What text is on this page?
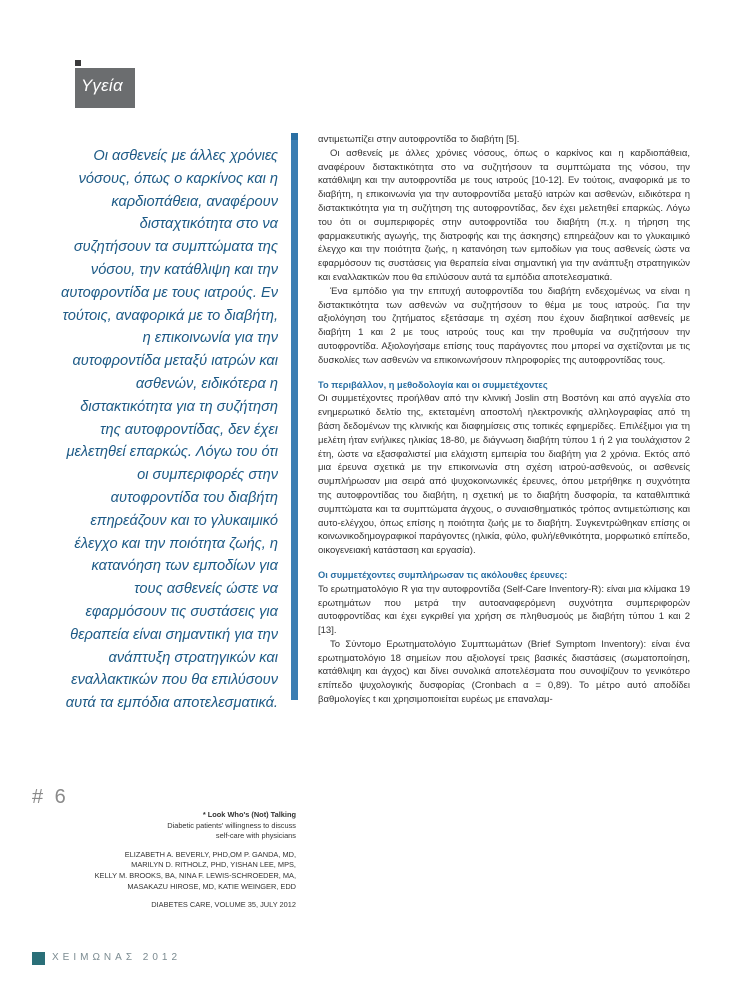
Υγεία
Οι ασθενείς με άλλες χρόνιες νόσους, όπως ο καρκίνος και η καρδιοπάθεια, αναφέρουν δισταχτικότητα στο να συζητήσουν τα συμπτώματα της νόσου, την κατάθλιψη και την αυτοφροντίδα με τους ιατρούς. Εν τούτοις, αναφορικά με το διαβήτη, η επικοινωνία για την αυτοφροντίδα μεταξύ ιατρών και ασθενών, ειδικότερα η διστακτικότητα για τη συζήτηση της αυτοφροντίδας, δεν έχει μελετηθεί επαρκώς. Λόγω του ότι οι συμπεριφορές στην αυτοφροντίδα του διαβήτη επηρεάζουν και το γλυκαιμικό έλεγχο και την ποιότητα ζωής, η κατανόηση των εμποδίων για τους ασθενείς ώστε να εφαρμόσουν τις συστάσεις για θεραπεία είναι σημαντική για την ανάπτυξη στρατηγικών και εναλλακτικών που θα επιλύσουν αυτά τα εμπόδια αποτελεσματικά.
# 6
* Look Who's (Not) Talking
Diabetic patients' willingness to discuss
self-care with physicians
ELIZABETH A. BEVERLY, PHD,OM P. GANDA, MD,
MARILYN D. RITHOLZ, PHD, YISHAN LEE, MPS,
KELLY M. BROOKS, BA, NINA F. LEWIS-SCHROEDER, MA,
MASAKAZU HIROSE, MD, KATIE WEINGER, EDD
DIABETES CARE, VOLUME 35, JULY 2012
ΧΕΙΜΩΝΑΣ 2012

αντιμετωπίζει στην αυτοφροντίδα το διαβήτη [5].

Οι ασθενείς με άλλες χρόνιες νόσους, όπως ο καρκίνος και η καρδιοπάθεια, αναφέρουν διστακτικότητα στο να συζητήσουν τα συμπτώματα της νόσου, την κατάθλιψη και την αυτοφροντίδα με τους ιατρούς [10-12]. Εν τούτοις, αναφορικά με το διαβήτη, η επικοινωνία για την αυτοφροντίδα μεταξύ ιατρών και ασθενών, ειδικότερα η διστακτικότητα για τη συζήτηση της αυτοφροντίδας, δεν έχει μελετηθεί επαρκώς. Λόγω του ότι οι συμπεριφορές στην αυτοφροντίδα του διαβήτη (π.χ. η τήρηση της φαρμακευτικής αγωγής, της διατροφής και της άσκησης) επηρεάζουν και το γλυκαιμικό έλεγχο και την ποιότητα ζωής, η κατανόηση των εμποδίων για τους ασθενείς ώστε να εφαρμόσουν τις συστάσεις για θεραπεία είναι σημαντική για την ανάπτυξη στρατηγικών και εναλλακτικών που θα επιλύσουν αυτά τα εμπόδια αποτελεσματικά.

Ένα εμπόδιο για την επιτυχή αυτοφροντίδα του διαβήτη ενδεχομένως να είναι η διστακτικότητα των ασθενών να συζητήσουν το θέμα με τους ιατρούς. Για την αξιολόγηση του ζητήματος εξετάσαμε τη σχέση που έχουν διαβητικοί ασθενείς με διαβήτη 1 και 2 με τους ιατρούς τους και την προθυμία να συζητήσουν την αυτοφροντίδα. Αξιολογήσαμε επίσης τους παράγοντες που μπορεί να σχετίζονται με τις δυσκολίες των ασθενών να επικοινωνήσουν πληροφορίες της αυτοφροντίδας τους.

Το περιβάλλον, η μεθοδολογία και οι συμμετέχοντες

Οι συμμετέχοντες προήλθαν από την κλινική Joslin στη Βοστόνη και από αγγελία στο ενημερωτικό δελτίο της, εκτεταμένη αποστολή ηλεκτρονικής αλληλογραφίας από τη βάση δεδομένων της κλινικής και διαφημίσεις στις τοπικές εφημερίδες. Επιλέξιμοι για τη μελέτη ήταν ενήλικες ηλικίας 18-80, με διάγνωση διαβήτη τύπου 1 ή 2 για τουλάχιστον 2 έτη, ώστε να εξασφαλιστεί μια ελάχιστη εμπειρία του διαβήτη για 2 χρόνια. Εκτός από μια έρευνα σχετικά με την επικοινωνία στη σχέση ιατρού-ασθενούς, οι ασθενείς συμπλήρωσαν μια σειρά από ψυχοκοινωνικές έρευνες, όπου μετρήθηκε η συχνότητα της αυτοφροντίδας του διαβήτη, η σχετική με το διαβήτη δυσφορία, τα καταθλιπτικά συμπτώματα και τα συμπτώματα άγχους, ο συναισθηματικός τρόπος αντιμετώπισης και αυτο-ελέγχου, όπως επίσης η ποιότητα ζωής με το διαβήτη. Συγκεντρώθηκαν επίσης οι κοινωνικοδημογραφικοί παράγοντες (ηλικία, φύλο, φυλή/εθνικότητα, μορφωτικό επίπεδο, οικογενειακή κατάσταση και εργασία).

Οι συμμετέχοντες συμπλήρωσαν τις ακόλουθες έρευνες:

Το ερωτηματολόγιο R για την αυτοφροντίδα (Self-Care Inventory-R): είναι μια κλίμακα 19 ερωτημάτων που μετρά την αυτοαναφερόμενη συχνότητα συμπεριφορών αυτοφροντίδας και έχει εγκριθεί για χρήση σε πληθυσμούς με διαβήτη τύπου 1 και 2 [13].

Το Σύντομο Ερωτηματολόγιο Συμπτωμάτων (Brief Symptom Inventory): είναι ένα ερωτηματολόγιο 18 σημείων που αξιολογεί τρεις βασικές διαστάσεις (σωματοποίηση, κατάθλιψη και άγχος) και δίνει συνολικά αποτελέσματα που συνοψίζουν το γενικότερο επίπεδο ψυχολογικής δυσφορίας (Cronbach α = 0,89). Το μέτρο αυτό αποδίδει βαθμολογίες t και χρησιμοποιείται ευρέως με επαναλαμ-
